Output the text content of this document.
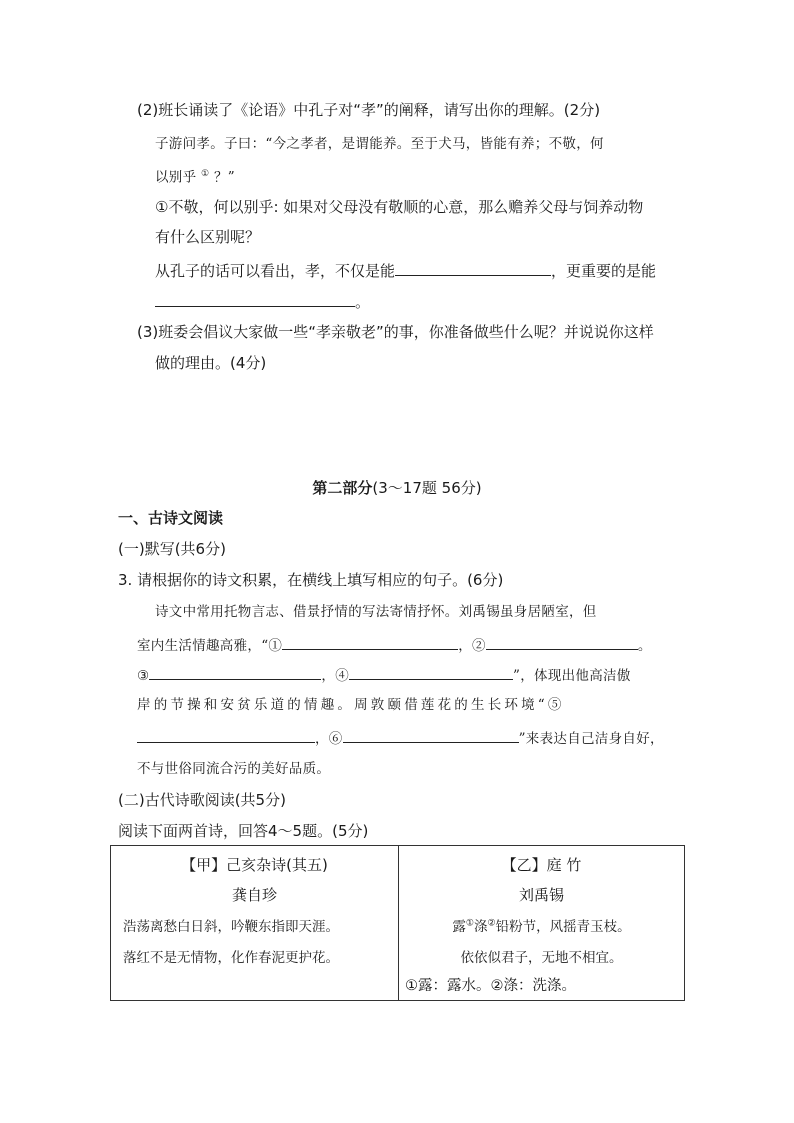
(2)班长诵读了《论语》中孔子对“孝”的阐释，请写出你的理解。(2分)
子游问孝。子曰：“今之孝者，是谓能养。至于犬马，皆能有养；不敬，何
以别乎 ① ？”
①不敬，何以别乎: 如果对父母没有敬顺的心意，那么赡养父母与饲养动物
有什么区别呢？
从孔子的话可以看出，孝，不仅是能	，更重要的是能
。
(3)班委会倡议大家做一些“孝亲敬老”的事，你准备做些什么呢？并说说你这样
做的理由。(4分)
第二部分(3～17题 56分)
一、古诗文阅读
(一)默写(共6分)
3. 请根据你的诗文积累，在横线上填写相应的句子。(6分)
诗文中常用托物言志、借景抒情的写法寄情抒怀。刘禹锡虽身居陋室，但
室内生活情趣高雅，“①	，②	。
③	，④	”，体现出他高洁傲
岸的节操和安贫乐道的情趣。周敦颐借莲花的生长环境“⑤
，⑥	”来表达自己洁身自好，
不与世俗同流合污的美好品质。
(二)古代诗歌阅读(共5分)
阅读下面两首诗，回答4～5题。(5分)
【甲】己亥杂诗(其五)
龚自珍
浩荡离愁白日斜，吟鞭东指即天涯。
落红不是无情物，化作春泥更护花。

【乙】庭 竹
刘禹锡
露①涤②铅粉节，风摇青玉枝。
依依似君子，无地不相宜。
①露：露水。②涤：洗涤。
